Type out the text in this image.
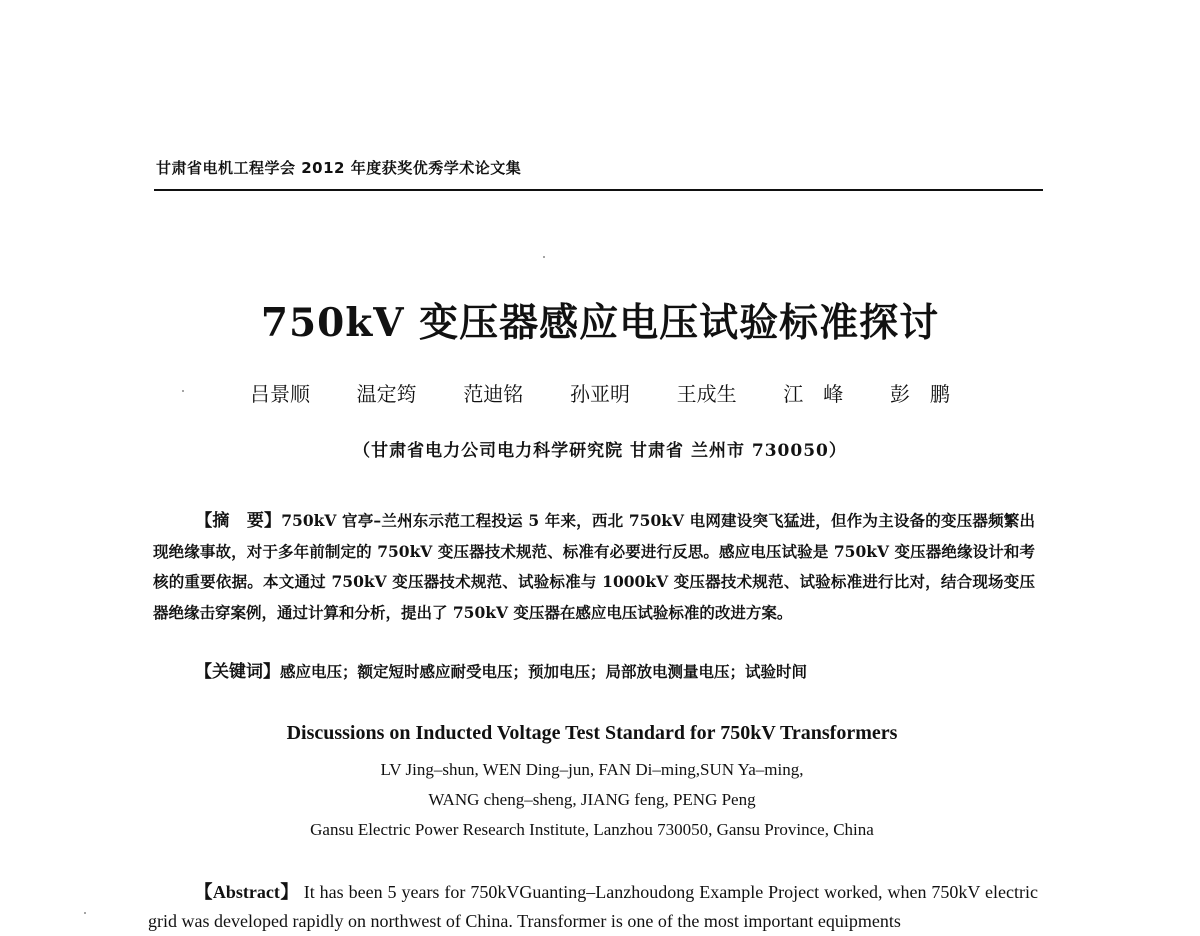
甘肃省电机工程学会 2012 年度获奖优秀学术论文集
750kV 变压器感应电压试验标准探讨
吕景顺 温定筠 范迪铭 孙亚明 王成生 江　峰 彭　鹏
（甘肃省电力公司电力科学研究院 甘肃省 兰州市 730050）
【摘　要】750kV 官亭–兰州东示范工程投运 5 年来，西北 750kV 电网建设突飞猛进，但作为主设备的变压器频繁出现绝缘事故，对于多年前制定的 750kV 变压器技术规范、标准有必要进行反思。感应电压试验是 750kV 变压器绝缘设计和考核的重要依据。本文通过 750kV 变压器技术规范、试验标准与 1000kV 变压器技术规范、试验标准进行比对，结合现场变压器绝缘击穿案例，通过计算和分析，提出了 750kV 变压器在感应电压试验标准的改进方案。
【关键词】感应电压；额定短时感应耐受电压；预加电压；局部放电测量电压；试验时间
Discussions on Inducted Voltage Test Standard for 750kV Transformers
LV Jing–shun, WEN Ding–jun, FAN Di–ming,SUN Ya–ming,
WANG cheng–sheng, JIANG feng, PENG Peng
Gansu Electric Power Research Institute, Lanzhou 730050, Gansu Province, China
【Abstract】 It has been 5 years for 750kVGuanting–Lanzhoudong Example Project worked, when 750kV electric grid was developed rapidly on northwest of China. Transformer is one of the most important equipments
